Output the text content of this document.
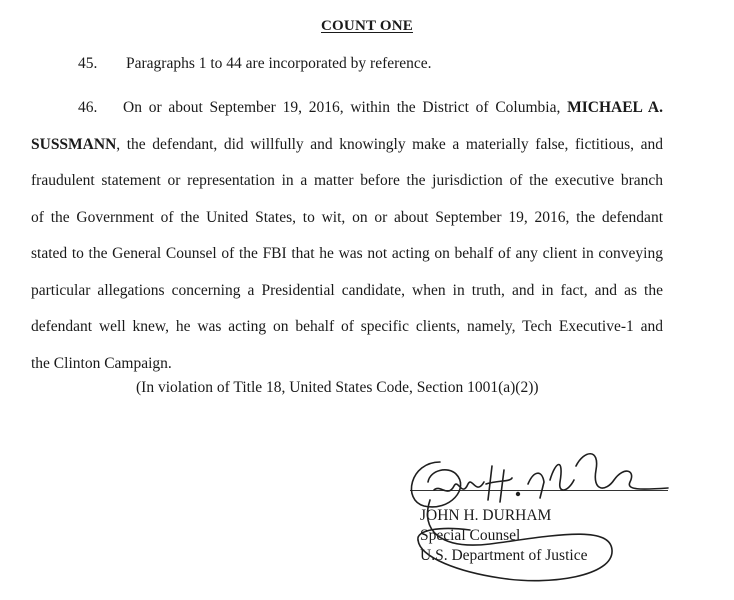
COUNT ONE
45. Paragraphs 1 to 44 are incorporated by reference.
46. On or about September 19, 2016, within the District of Columbia, MICHAEL A.
SUSSMANN, the defendant, did willfully and knowingly make a materially false, fictitious, and
fraudulent statement or representation in a matter before the jurisdiction of the executive branch
of the Government of the United States, to wit, on or about September 19, 2016, the defendant
stated to the General Counsel of the FBI that he was not acting on behalf of any client in conveying
particular allegations concerning a Presidential candidate, when in truth, and in fact, and as the
defendant well knew, he was acting on behalf of specific clients, namely, Tech Executive-1 and
the Clinton Campaign.
(In violation of Title 18, United States Code, Section 1001(a)(2))
JOHN H. DURHAM
Special Counsel
U.S. Department of Justice
